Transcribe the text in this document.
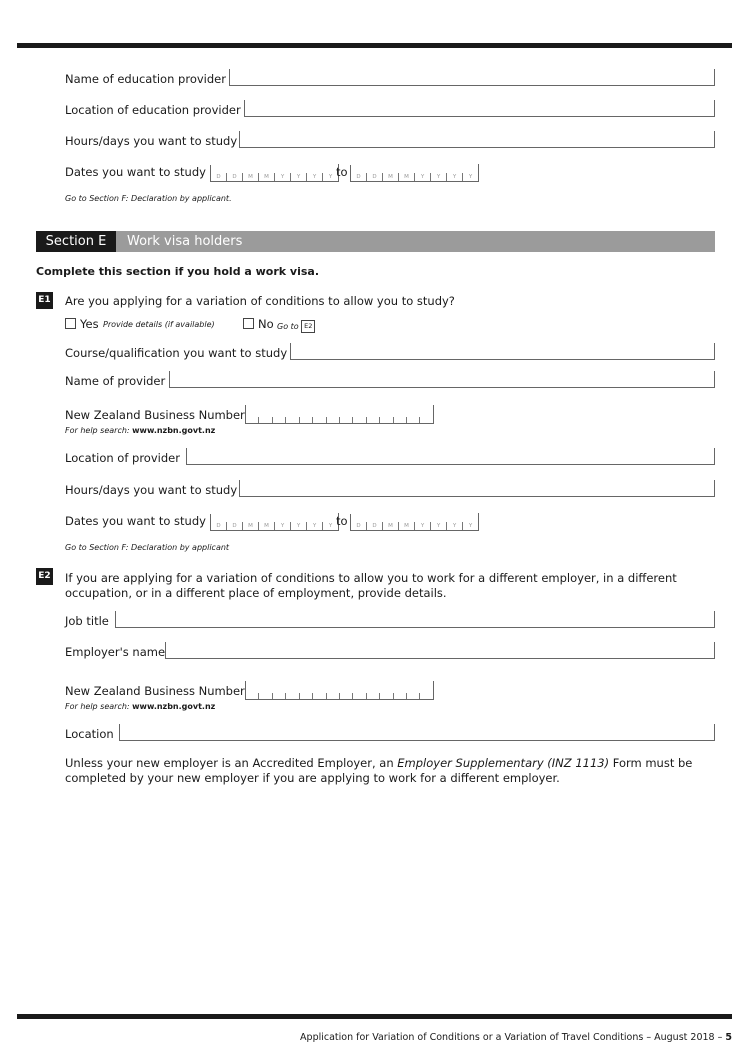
Name of education provider
Location of education provider
Hours/days you want to study
Dates you want to study	D	D	M	M	Y	Y	Y	Y to	D	D	M	M	Y	Y	Y	Y
Go to Section F: Declaration by applicant.
Section E	Work visa holders
Complete this section if you hold a work visa.
E1 Are you applying for a variation of conditions to allow you to study?
Yes Provide details (if available)	No Go to E2
Course/qualification you want to study
Name of provider
New Zealand Business Number
For help search: www.nzbn.govt.nz
Location of provider
Hours/days you want to study
Dates you want to study	D	D	M	M	Y	Y	Y	Y to	D	D	M	M	Y	Y	Y	Y
Go to Section F: Declaration by applicant
E2 If you are applying for a variation of conditions to allow you to work for a different employer, in a different
occupation, or in a different place of employment, provide details.
Job title
Employer's name
New Zealand Business Number
For help search: www.nzbn.govt.nz
Location
Unless your new employer is an Accredited Employer, an Employer Supplementary (INZ 1113) Form must be
completed by your new employer if you are applying to work for a different employer.
Application for Variation of Conditions or a Variation of Travel Conditions – August 2018 – 5
